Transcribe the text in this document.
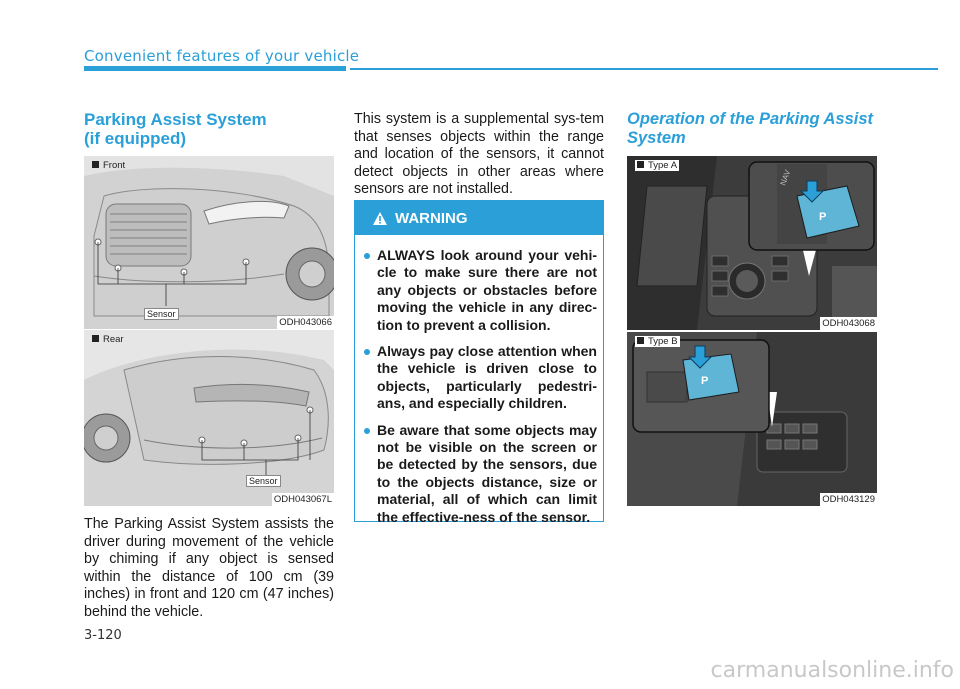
Convenient features of your vehicle
Parking Assist System
(if equipped)
Front
Sensor
ODH043066
Rear
Sensor
ODH043067L
The Parking Assist System assists the driver during movement of the vehicle by chiming if any object is sensed within the distance of 100 cm (39 inches) in front and 120 cm (47 inches) behind the vehicle.
This system is a supplemental sys-tem that senses objects within the range and location of the sensors, it cannot detect objects in other areas where sensors are not installed.
WARNING
ALWAYS look around your vehi-cle to make sure there are not any objects or obstacles before moving the vehicle in any direc-tion to prevent a collision.
Always pay close attention when the vehicle is driven close to objects, particularly pedestri-ans, and especially children.
Be aware that some objects may not be visible on the screen or be detected by the sensors, due to the objects distance, size or material, all of which can limit the effective-ness of the sensor.
Operation of the Parking Assist
System
NAV
P
Type A
ODH043068
P
Type B
ODH043129
3-120
carmanualsonline.info
